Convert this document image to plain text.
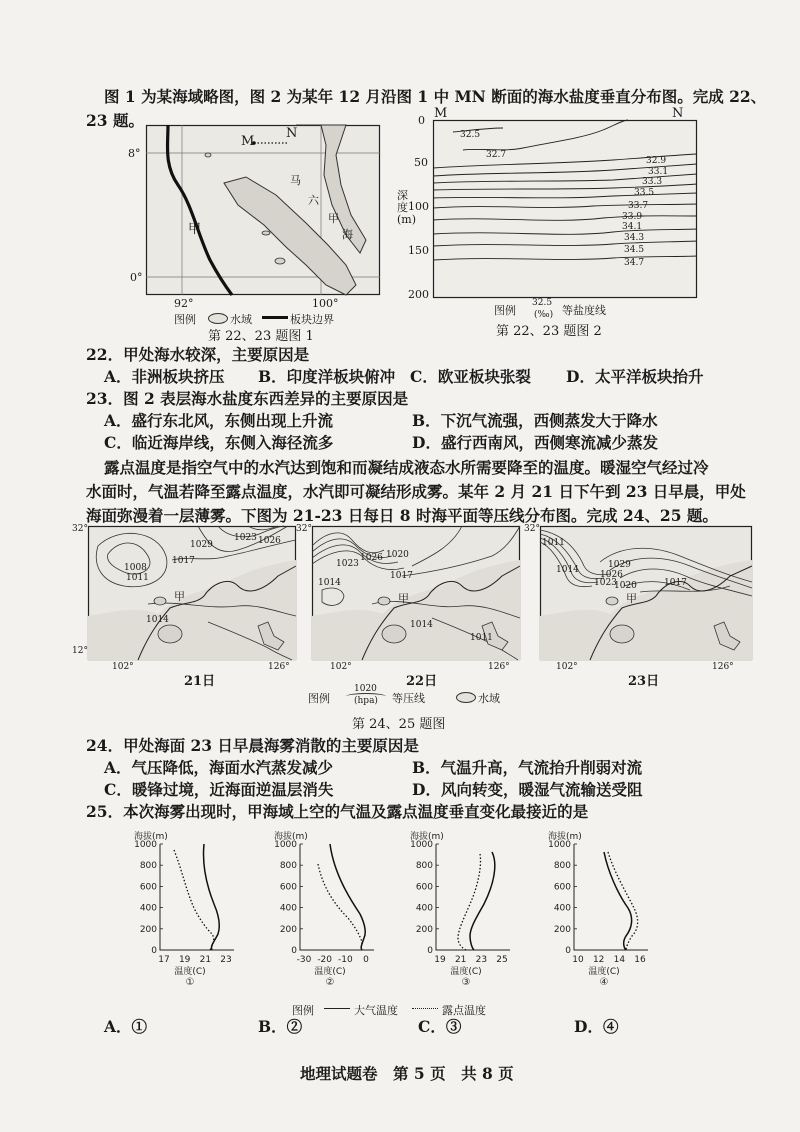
图 1 为某海域略图，图 2 为某年 12 月沿图 1 中 MN 断面的海水盐度垂直分布图。完成 22、
23 题。
8°
0°
92°	100°
M
N
甲
马
六
甲
海
图例	水域	板块边界
第 22、23 题图 1
M	N
0
50
100
150
200
深度(m)
32.5
32.7
32.9
33.1
33.3
33.5
33.7
33.9
34.1
34.3
34.5
34.7
图例
32.5
(‰) 等盐度线
第 22、23 题图 2
22．甲处海水较深，主要原因是
A．非洲板块挤压 B．印度洋板块俯冲 C．欧亚板块张裂 D．太平洋板块抬升
23．图 2 表层海水盐度东西差异的主要原因是
A．盛行东北风，东侧出现上升流	B．下沉气流强，西侧蒸发大于降水
C．临近海岸线，东侧入海径流多	D．盛行西南风，西侧寒流减少蒸发
露点温度是指空气中的水汽达到饱和而凝结成液态水所需要降至的温度。暖湿空气经过冷
水面时，气温若降至露点温度，水汽即可凝结形成雾。某年 2 月 21 日下午到 23 日早晨，甲处
海面弥漫着一层薄雾。下图为 21-23 日每日 8 时海平面等压线分布图。完成 24、25 题。
1029
1023 1026
1008
1011
1017
1014
甲
32°
12°
102°	126°
21日
1026 1020
1023
1017
1014
1014
1011
甲
32°
102°	126°
22日
1011
1014	1029
1026
1023
1020	1017
甲
32°
102°	126°
23日
图例
1020
(hpa) 等压线	水域
第 24、25 题图
24．甲处海面 23 日早晨海雾消散的主要原因是
A．气压降低，海面水汽蒸发减少	B．气温升高，气流抬升削弱对流
C．暖锋过境，近海面逆温层消失	D．风向转变，暖湿气流输送受阻
25．本次海雾出现时，甲海域上空的气温及露点温度垂直变化最接近的是
1000
800
600
400
200
0
17 19 21 23
海拔(m)
温度(C)
①
1000
800
600
400
200
0
-30 -20 -10 0
海拔(m)
温度(C)
②
1000
800
600
400
200
0
19 21 23 25
海拔(m)
温度(C)
③
1000
800
600
400
200
0
10 12 14 16
海拔(m)
温度(C)
④
图例	大气温度	露点温度
A．①	B．②	C．③	D．④
地理试题卷　第 5 页　共 8 页
